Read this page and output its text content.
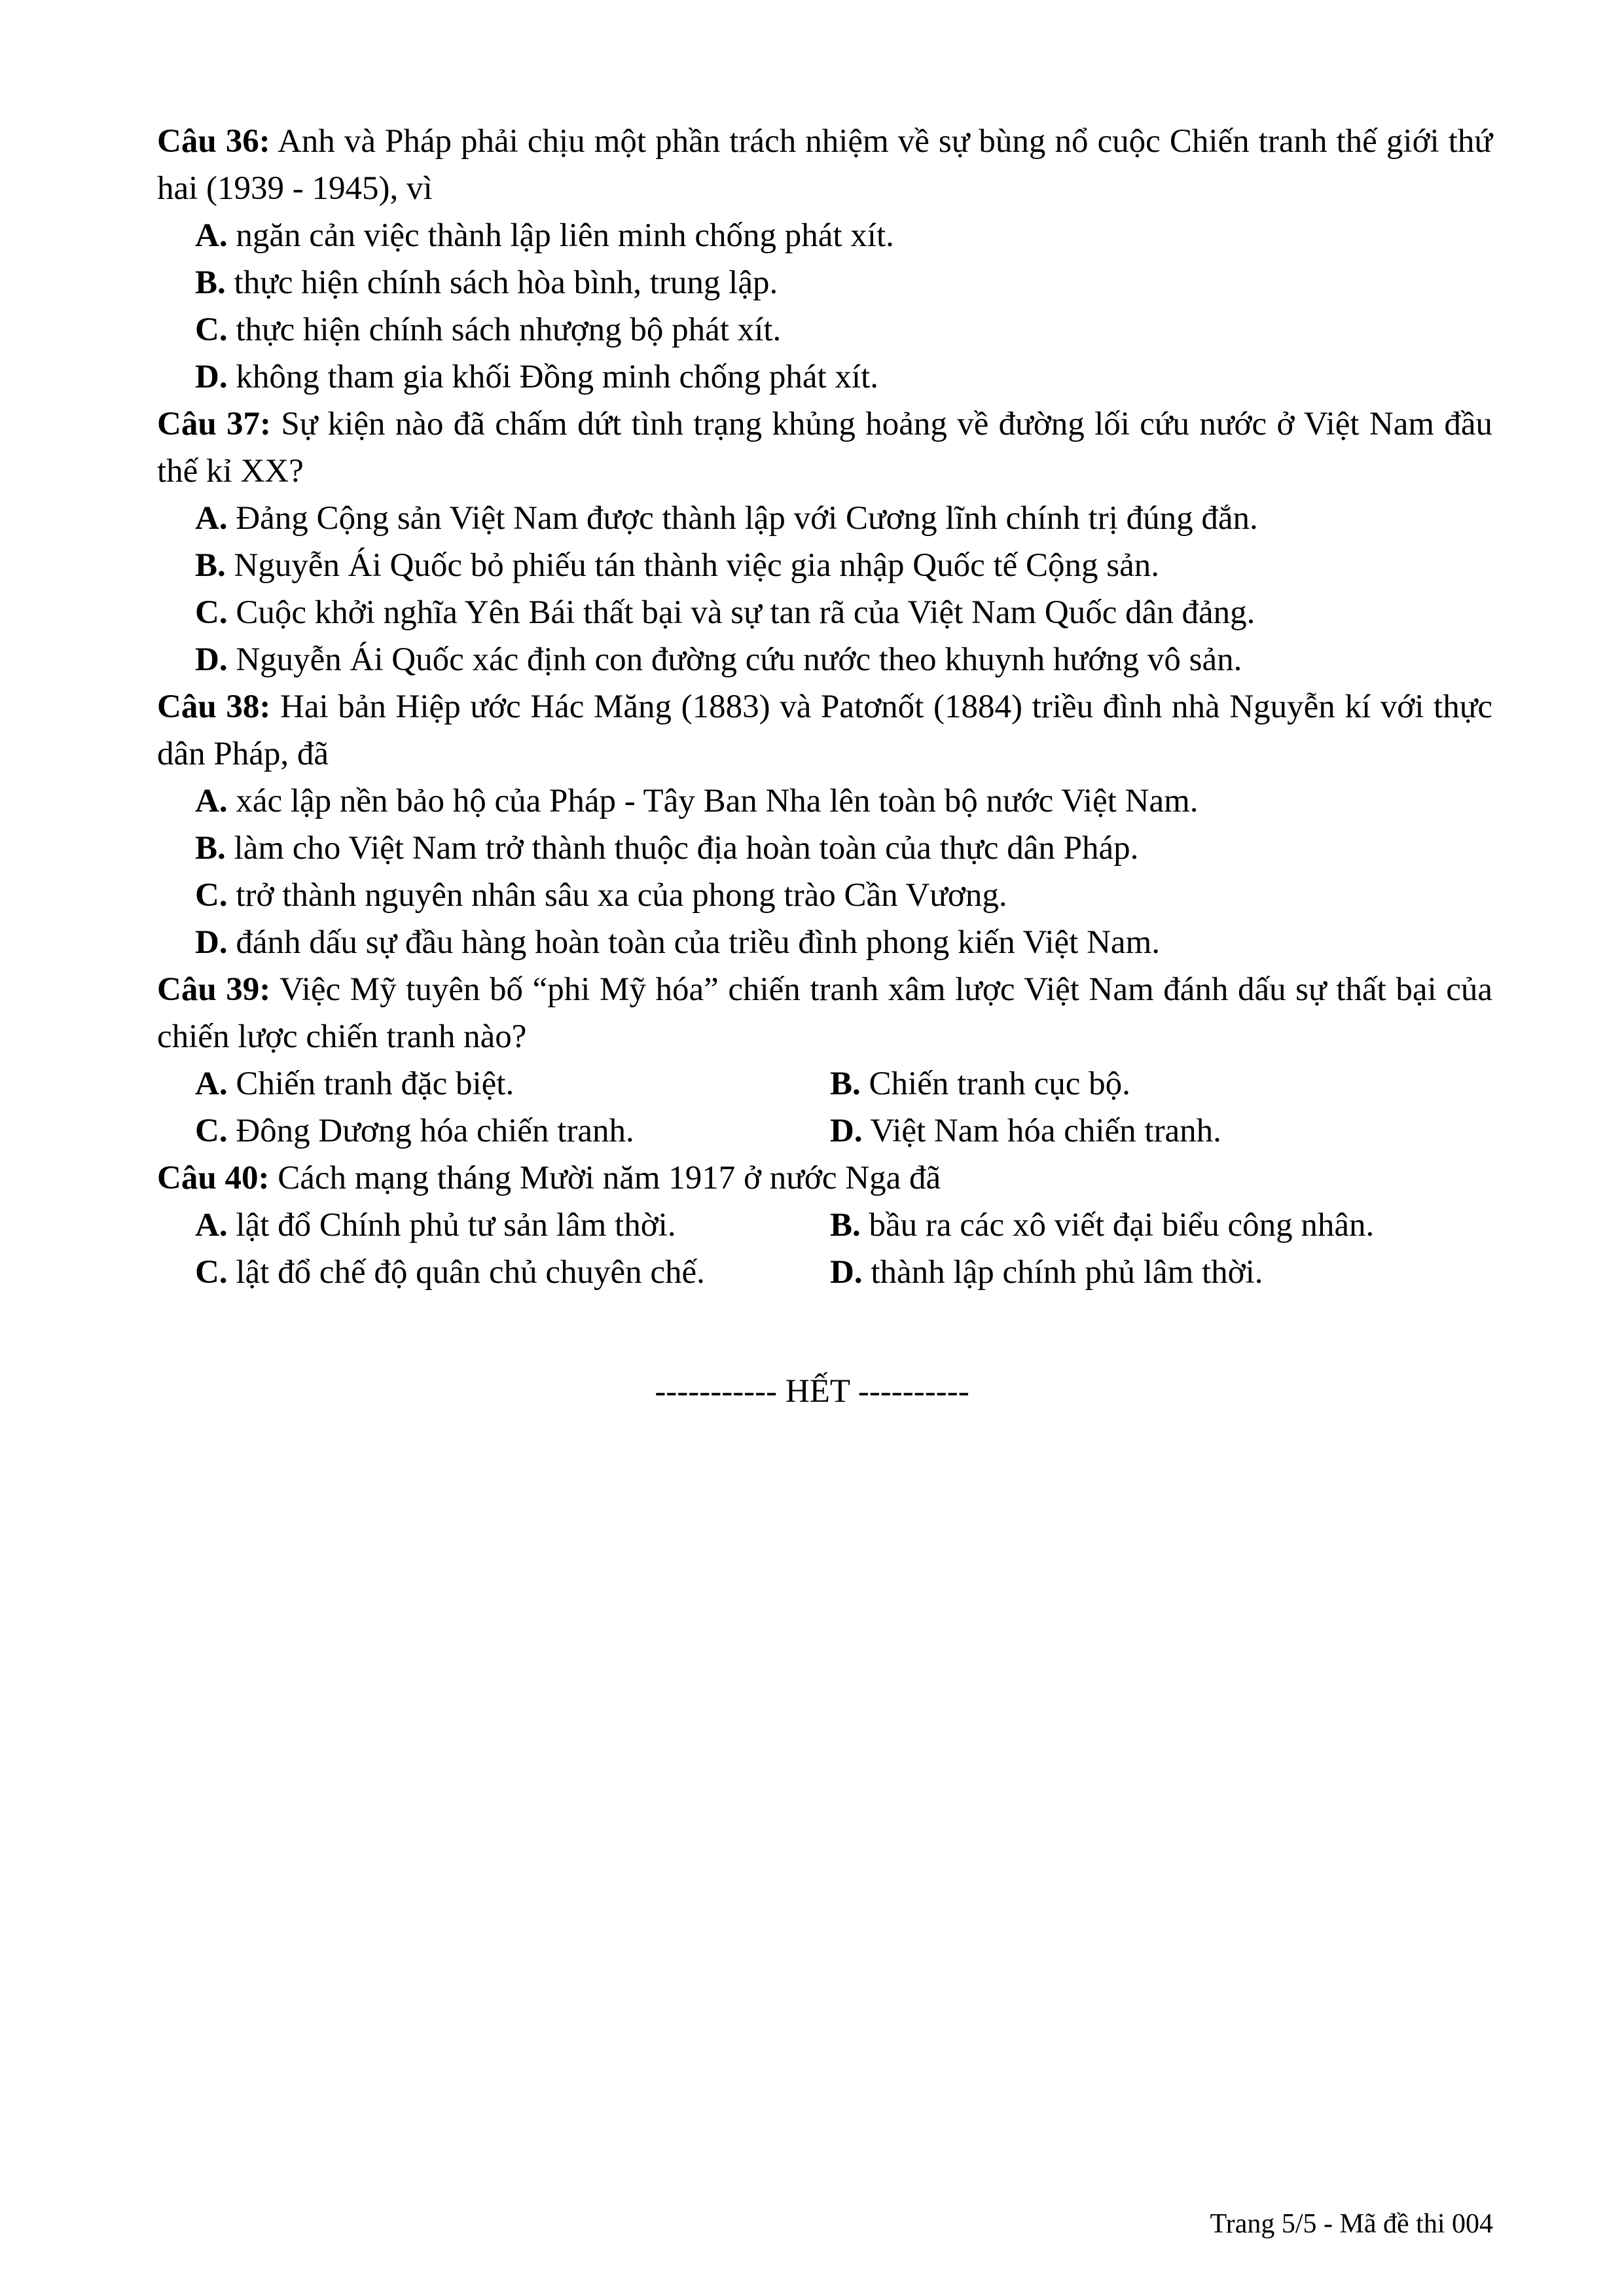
Câu 36: Anh và Pháp phải chịu một phần trách nhiệm về sự bùng nổ cuộc Chiến tranh thế giới thứ hai (1939 - 1945), vì

A. ngăn cản việc thành lập liên minh chống phát xít.
B. thực hiện chính sách hòa bình, trung lập.
C. thực hiện chính sách nhượng bộ phát xít.
D. không tham gia khối Đồng minh chống phát xít.

Câu 37: Sự kiện nào đã chấm dứt tình trạng khủng hoảng về đường lối cứu nước ở Việt Nam đầu thế kỉ XX?

A. Đảng Cộng sản Việt Nam được thành lập với Cương lĩnh chính trị đúng đắn.
B. Nguyễn Ái Quốc bỏ phiếu tán thành việc gia nhập Quốc tế Cộng sản.
C. Cuộc khởi nghĩa Yên Bái thất bại và sự tan rã của Việt Nam Quốc dân đảng.
D. Nguyễn Ái Quốc xác định con đường cứu nước theo khuynh hướng vô sản.

Câu 38: Hai bản Hiệp ước Hác Măng (1883) và Patơnốt (1884) triều đình nhà Nguyễn kí với thực dân Pháp, đã

A. xác lập nền bảo hộ của Pháp - Tây Ban Nha lên toàn bộ nước Việt Nam.
B. làm cho Việt Nam trở thành thuộc địa hoàn toàn của thực dân Pháp.
C. trở thành nguyên nhân sâu xa của phong trào Cần Vương.
D. đánh dấu sự đầu hàng hoàn toàn của triều đình phong kiến Việt Nam.

Câu 39: Việc Mỹ tuyên bố “phi Mỹ hóa” chiến tranh xâm lược Việt Nam đánh dấu sự thất bại của chiến lược chiến tranh nào?

A. Chiến tranh đặc biệt.	B. Chiến tranh cục bộ.
C. Đông Dương hóa chiến tranh.	D. Việt Nam hóa chiến tranh.

Câu 40: Cách mạng tháng Mười năm 1917 ở nước Nga đã

A. lật đổ Chính phủ tư sản lâm thời.	B. bầu ra các xô viết đại biểu công nhân.
C. lật đổ chế độ quân chủ chuyên chế.	D. thành lập chính phủ lâm thời.
----------- HẾT ----------
Trang 5/5 - Mã đề thi 004
